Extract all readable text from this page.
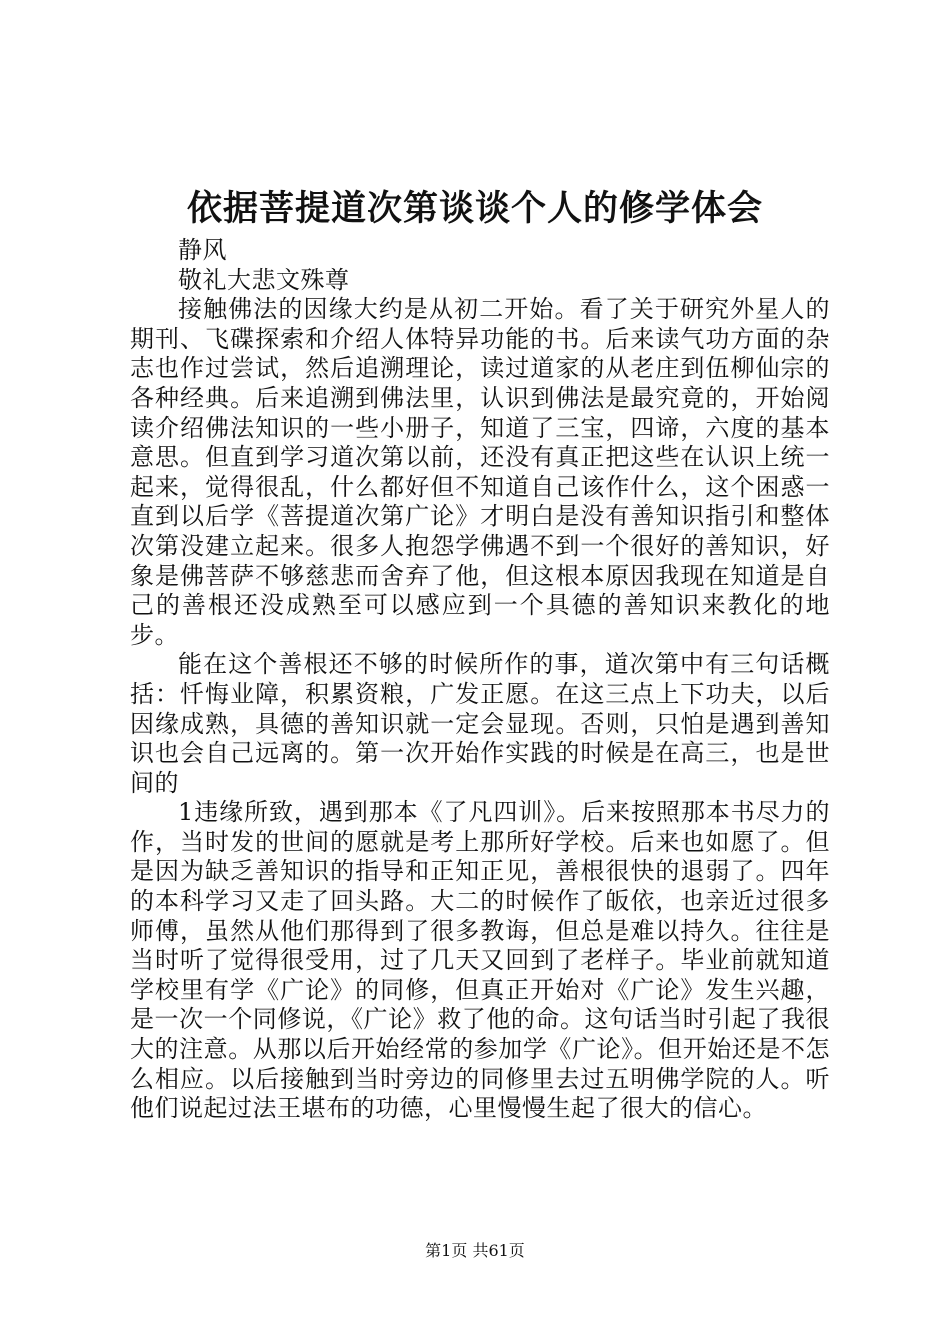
依据菩提道次第谈谈个人的修学体会

静风

敬礼大悲文殊尊

接触佛法的因缘大约是从初二开始。看了关于研究外星人的期刊、飞碟探索和介绍人体特异功能的书。后来读气功方面的杂志也作过尝试，然后追溯理论，读过道家的从老庄到伍柳仙宗的各种经典。后来追溯到佛法里，认识到佛法是最究竟的，开始阅读介绍佛法知识的一些小册子，知道了三宝，四谛，六度的基本意思。但直到学习道次第以前，还没有真正把这些在认识上统一起来，觉得很乱，什么都好但不知道自己该作什么，这个困惑一直到以后学《菩提道次第广论》才明白是没有善知识指引和整体次第没建立起来。很多人抱怨学佛遇不到一个很好的善知识，好象是佛菩萨不够慈悲而舍弃了他，但这根本原因我现在知道是自己的善根还没成熟至可以感应到一个具德的善知识来教化的地步。

能在这个善根还不够的时候所作的事，道次第中有三句话概括：忏悔业障，积累资粮，广发正愿。在这三点上下功夫，以后因缘成熟，具德的善知识就一定会显现。否则，只怕是遇到善知识也会自己远离的。第一次开始作实践的时候是在高三，也是世间的

1违缘所致，遇到那本《了凡四训》。后来按照那本书尽力的作，当时发的世间的愿就是考上那所好学校。后来也如愿了。但是因为缺乏善知识的指导和正知正见，善根很快的退弱了。四年的本科学习又走了回头路。大二的时候作了皈依，也亲近过很多师傅，虽然从他们那得到了很多教诲，但总是难以持久。往往是当时听了觉得很受用，过了几天又回到了老样子。毕业前就知道学校里有学《广论》的同修，但真正开始对《广论》发生兴趣，是一次一个同修说，《广论》救了他的命。这句话当时引起了我很大的注意。从那以后开始经常的参加学《广论》。但开始还是不怎么相应。以后接触到当时旁边的同修里去过五明佛学院的人。听他们说起过法王堪布的功德，心里慢慢生起了很大的信心。

第1页 共61页
